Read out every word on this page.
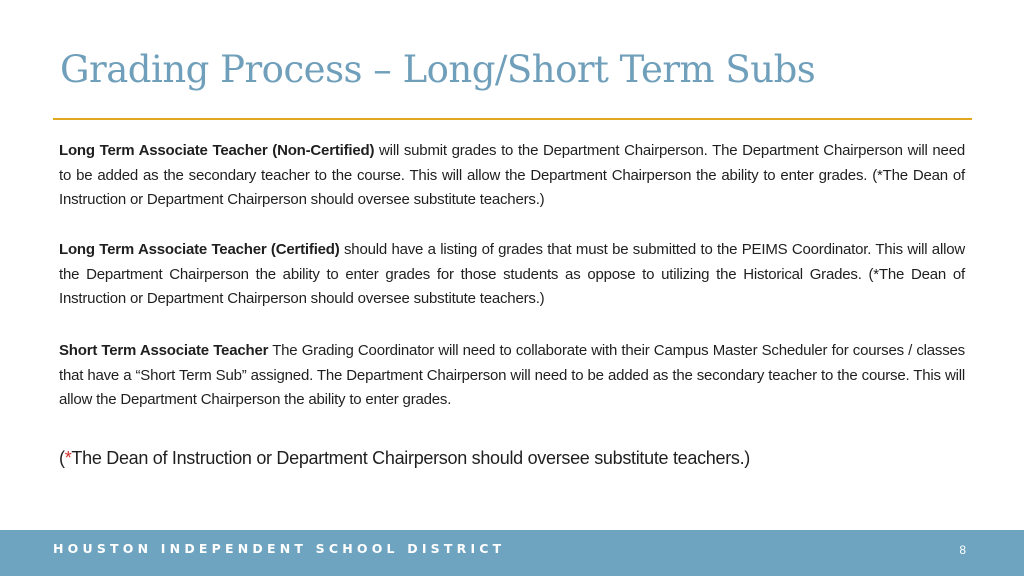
Grading Process – Long/Short Term Subs

Long Term Associate Teacher (Non-Certified) will submit grades to the Department Chairperson. The Department Chairperson will need to be added as the secondary teacher to the course. This will allow the Department Chairperson the ability to enter grades. (*The Dean of Instruction or Department Chairperson should oversee substitute teachers.)

Long Term Associate Teacher (Certified) should have a listing of grades that must be submitted to the PEIMS Coordinator. This will allow the Department Chairperson the ability to enter grades for those students as oppose to utilizing the Historical Grades. (*The Dean of Instruction or Department Chairperson should oversee substitute teachers.)

Short Term Associate Teacher The Grading Coordinator will need to collaborate with their Campus Master Scheduler for courses / classes that have a “Short Term Sub” assigned. The Department Chairperson will need to be added as the secondary teacher to the course. This will allow the Department Chairperson the ability to enter grades.

(*The Dean of Instruction or Department Chairperson should oversee substitute teachers.)
HOUSTON INDEPENDENT SCHOOL DISTRICT	8
